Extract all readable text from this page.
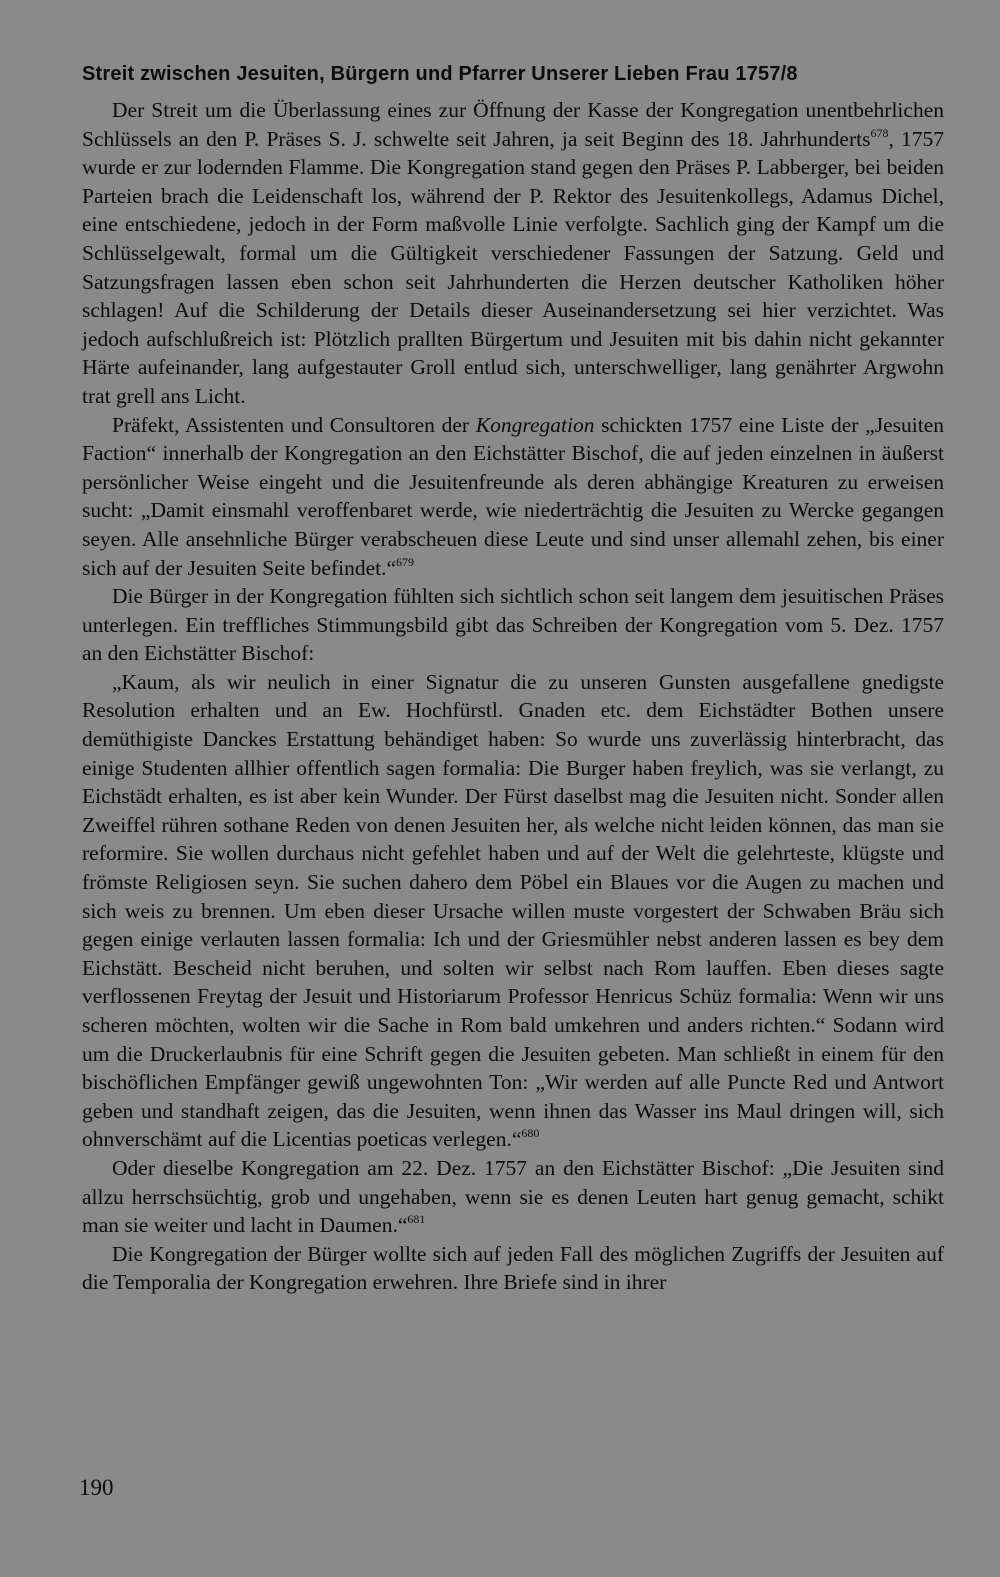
Streit zwischen Jesuiten, Bürgern und Pfarrer Unserer Lieben Frau 1757/8

Der Streit um die Überlassung eines zur Öffnung der Kasse der Kongregation unentbehrlichen Schlüssels an den P. Präses S. J. schwelte seit Jahren, ja seit Beginn des 18. Jahrhunderts$^{678}$, 1757 wurde er zur lodernden Flamme. Die Kongregation stand gegen den Präses P. Labberger, bei beiden Parteien brach die Leidenschaft los, während der P. Rektor des Jesuitenkollegs, Adamus Dichel, eine entschiedene, jedoch in der Form maßvolle Linie verfolgte. Sachlich ging der Kampf um die Schlüsselgewalt, formal um die Gültigkeit verschiedener Fassungen der Satzung. Geld und Satzungsfragen lassen eben schon seit Jahrhunderten die Herzen deutscher Katholiken höher schlagen! Auf die Schilderung der Details dieser Auseinandersetzung sei hier verzichtet. Was jedoch aufschlußreich ist: Plötzlich prallten Bürgertum und Jesuiten mit bis dahin nicht gekannter Härte aufeinander, lang aufgestauter Groll entlud sich, unterschwelliger, lang genährter Argwohn trat grell ans Licht.

Präfekt, Assistenten und Consultoren der Kongregation schickten 1757 eine Liste der „Jesuiten Faction“ innerhalb der Kongregation an den Eichstätter Bischof, die auf jeden einzelnen in äußerst persönlicher Weise eingeht und die Jesuitenfreunde als deren abhängige Kreaturen zu erweisen sucht: „Damit einsmahl veroffenbaret werde, wie niederträchtig die Jesuiten zu Wercke gegangen seyen. Alle ansehnliche Bürger verabscheuen diese Leute und sind unser allemahl zehen, bis einer sich auf der Jesuiten Seite befindet.“$^{679}$

Die Bürger in der Kongregation fühlten sich sichtlich schon seit langem dem jesuitischen Präses unterlegen. Ein treffliches Stimmungsbild gibt das Schreiben der Kongregation vom 5. Dez. 1757 an den Eichstätter Bischof:

„Kaum, als wir neulich in einer Signatur die zu unseren Gunsten ausgefallene gnedigste Resolution erhalten und an Ew. Hochfürstl. Gnaden etc. dem Eichstädter Bothen unsere demüthigiste Danckes Erstattung behändiget haben: So wurde uns zuverlässig hinterbracht, das einige Studenten allhier offentlich sagen formalia: Die Burger haben freylich, was sie verlangt, zu Eichstädt erhalten, es ist aber kein Wunder. Der Fürst daselbst mag die Jesuiten nicht. Sonder allen Zweiffel rühren sothane Reden von denen Jesuiten her, als welche nicht leiden können, das man sie reformire. Sie wollen durchaus nicht gefehlet haben und auf der Welt die gelehrteste, klügste und frömste Religiosen seyn. Sie suchen dahero dem Pöbel ein Blaues vor die Augen zu machen und sich weis zu brennen. Um eben dieser Ursache willen muste vorgestert der Schwaben Bräu sich gegen einige verlauten lassen formalia: Ich und der Griesmühler nebst anderen lassen es bey dem Eichstätt. Bescheid nicht beruhen, und solten wir selbst nach Rom lauffen. Eben dieses sagte verflossenen Freytag der Jesuit und Historiarum Professor Henricus Schüz formalia: Wenn wir uns scheren möchten, wolten wir die Sache in Rom bald umkehren und anders richten.“ Sodann wird um die Druckerlaubnis für eine Schrift gegen die Jesuiten gebeten. Man schließt in einem für den bischöflichen Empfänger gewiß ungewohnten Ton: „Wir werden auf alle Puncte Red und Antwort geben und standhaft zeigen, das die Jesuiten, wenn ihnen das Wasser ins Maul dringen will, sich ohnverschämt auf die Licentias poeticas verlegen.“$^{680}$

Oder dieselbe Kongregation am 22. Dez. 1757 an den Eichstätter Bischof: „Die Jesuiten sind allzu herrschsüchtig, grob und ungehaben, wenn sie es denen Leuten hart genug gemacht, schikt man sie weiter und lacht in Daumen.“$^{681}$

Die Kongregation der Bürger wollte sich auf jeden Fall des möglichen Zugriffs der Jesuiten auf die Temporalia der Kongregation erwehren. Ihre Briefe sind in ihrer

190
